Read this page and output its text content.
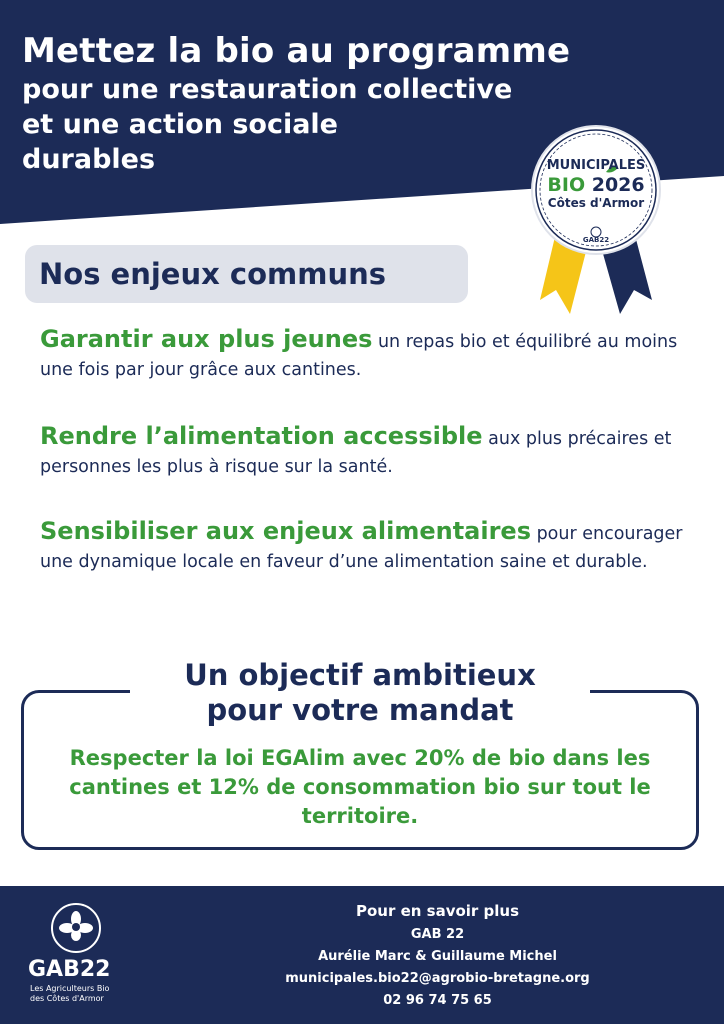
Mettez la bio au programme
pour une restauration collective
et une action sociale
durables	MUNICIPALES
BIO 2026
Côtes d'Armor
GAB22
Nos enjeux communs
Garantir aux plus jeunes un repas bio et équilibré au moins une fois par jour grâce aux cantines.
Rendre l’alimentation accessible aux plus précaires et personnes les plus à risque sur la santé.
Sensibiliser aux enjeux alimentaires pour encourager une dynamique locale en faveur d’une alimentation saine et durable.
Un objectif ambitieux
pour votre mandat
Respecter la loi EGAlim avec 20% de bio dans les cantines et 12% de consommation bio sur tout le territoire.
GAB22
Les Agriculteurs Bio
des Côtes d'Armor
Pour en savoir plus
GAB 22
Aurélie Marc & Guillaume Michel
municipales.bio22@agrobio-bretagne.org
02 96 74 75 65
